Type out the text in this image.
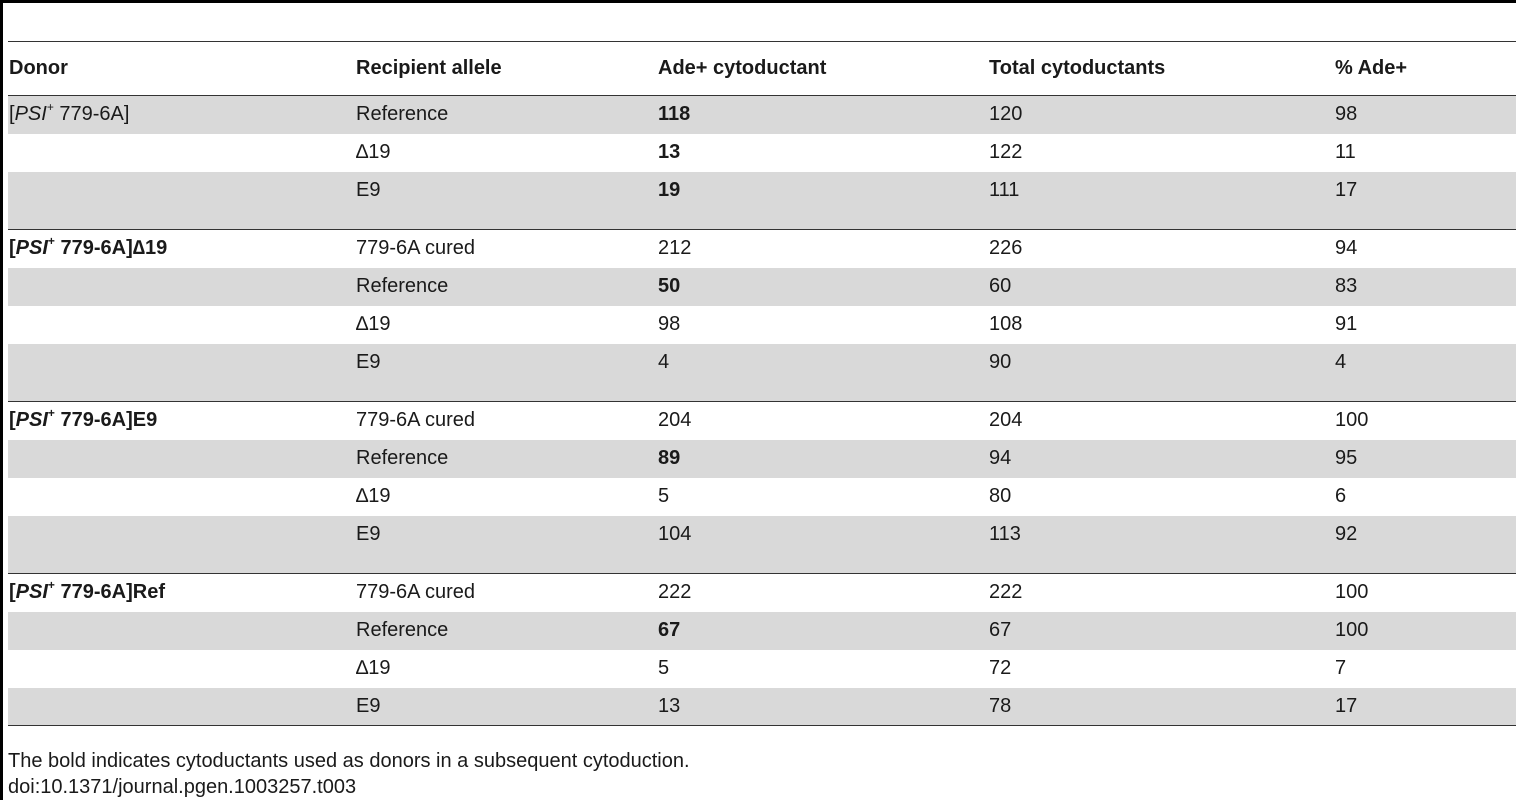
Donor	Recipient allele	Ade+ cytoductant	Total cytoductants	% Ade+
[PSI+ 779-6A]	Reference	118	120	98
	∆19	13	122	11
	E9	19	111	17

[PSI+ 779-6A]∆19	779-6A cured	212	226	94
	Reference	50	60	83
	∆19	98	108	91
	E9	4	90	4

[PSI+ 779-6A]E9	779-6A cured	204	204	100
	Reference	89	94	95
	∆19	5	80	6
	E9	104	113	92

[PSI+ 779-6A]Ref	779-6A cured	222	222	100
	Reference	67	67	100
	∆19	5	72	7
	E9	13	78	17
The bold indicates cytoductants used as donors in a subsequent cytoduction.
doi:10.1371/journal.pgen.1003257.t003
